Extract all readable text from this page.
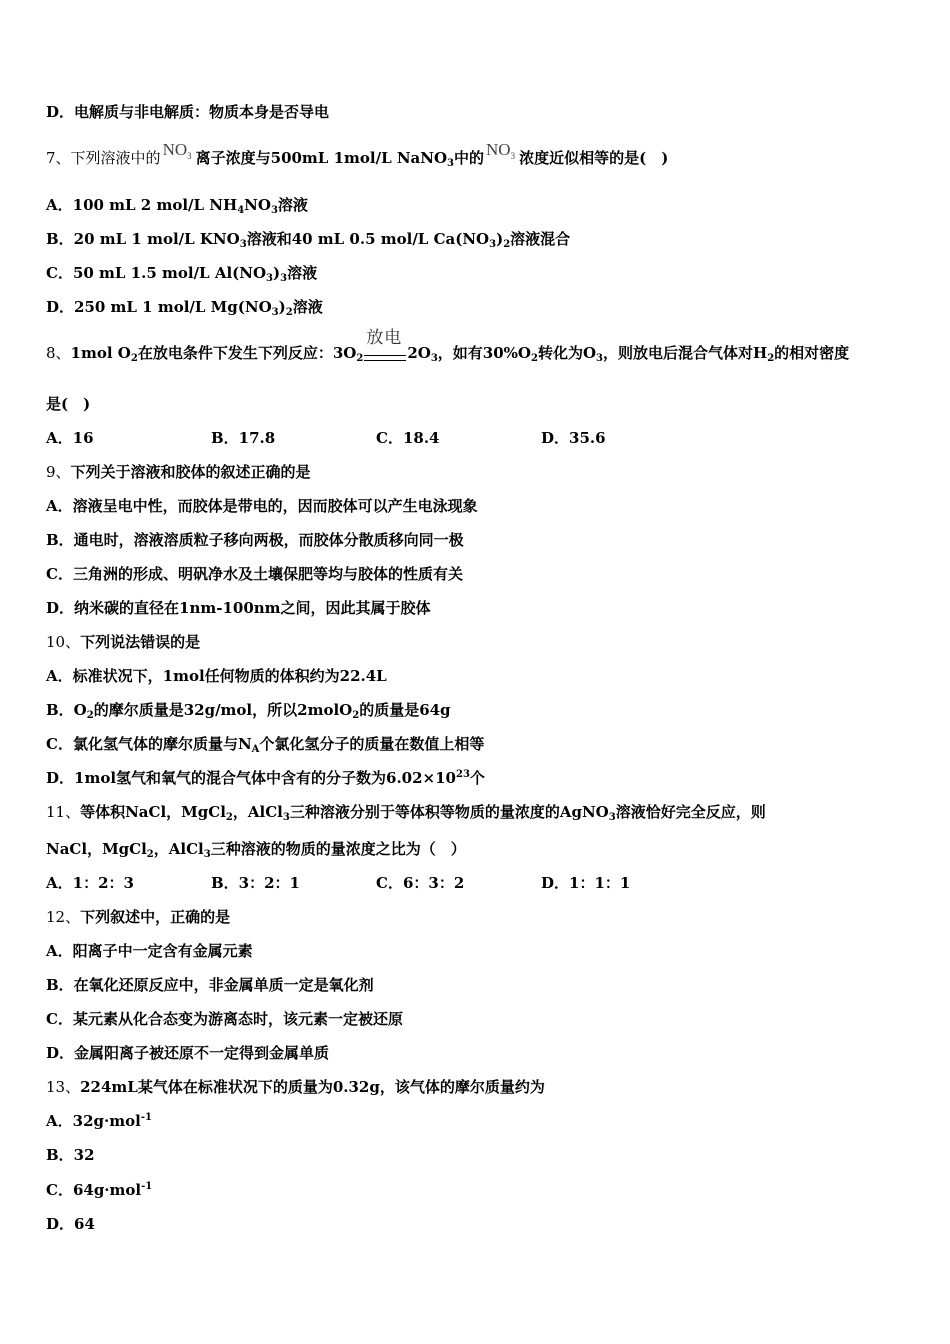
D．电解质与非电解质：物质本身是否导电
7、下列溶液中的 $NO_3$ 离子浓度与500mL 1mol/L NaNO$_3$中的 $NO_3$ 浓度近似相等的是(　)
A．100 mL 2 mol/L $NH_4NO_3$溶液
B．20 mL 1 mol/L $KNO_3$溶液和40 mL 0.5 mol/L $Ca(NO_3)_2$溶液混合
C．50 mL 1.5 mol/L $Al(NO_3)_3$溶液
D．250 mL 1 mol/L $Mg(NO_3)_2$溶液
8、1mol $O_2$在放电条件下发生下列反应：$3O_2$
放电
$2O_3$，如有$30\%O_2$转化为$O_3$，则放电后混合气体对$H_2$的相对密度
是(　)
A．16	B．17.8	C．18.4	D．35.6
9、下列关于溶液和胶体的叙述正确的是
A．溶液呈电中性，而胶体是带电的，因而胶体可以产生电泳现象
B．通电时，溶液溶质粒子移向两极，而胶体分散质移向同一极
C．三角洲的形成、明矾净水及土壤保肥等均与胶体的性质有关
D．纳米碳的直径在1nm-100nm之间，因此其属于胶体
10、下列说法错误的是
A．标准状况下，1mol任何物质的体积约为22.4L
B．$O_2$的摩尔质量是32g/mol，所以2molO$_2$的质量是64g
C．氯化氢气体的摩尔质量与$N_A$个氯化氢分子的质量在数值上相等
D．1mol氢气和氧气的混合气体中含有的分子数为$6.02\times 10^{23}$个
11、等体积NaCl，MgCl$_2$，AlCl$_3$三种溶液分别于等体积等物质的量浓度的AgNO$_3$溶液恰好完全反应，则
NaCl，MgCl$_2$，AlCl$_3$三种溶液的物质的量浓度之比为（　）
A．1：2：3	B．3：2：1	C．6：3：2	D．1：1：1
12、下列叙述中，正确的是
A．阳离子中一定含有金属元素
B．在氧化还原反应中，非金属单质一定是氧化剂
C．某元素从化合态变为游离态时，该元素一定被还原
D．金属阳离子被还原不一定得到金属单质
13、224mL某气体在标准状况下的质量为0.32g，该气体的摩尔质量约为
A．32g·mol$^{-1}$
B．32
C．64g·mol$^{-1}$
D．64
